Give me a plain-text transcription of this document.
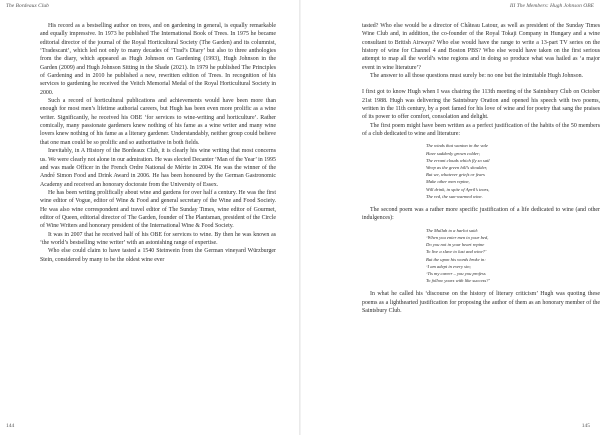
The Bordeaux Club

His record as a bestselling author on trees, and on gardening in general, is equally remarkable and equally impressive. In 1973 he published The International Book of Trees. In 1975 he became editorial director of the journal of the Royal Horticultural Society (The Garden) and its columnist, ‘Tradescant’, which led not only to many decades of ‘Trad’s Diary’ but also to three anthologies from the diary, which appeared as Hugh Johnson on Gardening (1993), Hugh Johnson in the Garden (2009) and Hugh Johnson Sitting in the Shade (2021). In 1979 he published The Principles of Gardening and in 2010 he published a new, rewritten edition of Trees. In recognition of his services to gardening he received the Veitch Memorial Medal of the Royal Horticultural Society in 2000.

Such a record of horticultural publications and achievements would have been more than enough for most men’s lifetime authorial careers, but Hugh has been even more prolific as a wine writer. Significantly, he received his OBE ‘for services to wine-writing and horticulture’. Rather comically, many passionate gardeners knew nothing of his fame as a wine writer and many wine lovers knew nothing of his fame as a literary gardener. Understandably, neither group could believe that one man could be so prolific and so authoritative in both fields.

Inevitably, in A History of the Bordeaux Club, it is clearly his wine writing that most concerns us. We were clearly not alone in our admiration. He was elected Decanter ‘Man of the Year’ in 1995 and was made Officer in the French Ordre National de Mérite in 2004. He was the winner of the André Simon Food and Drink Award in 2006. He has been honoured by the German Gastronomic Academy and received an honorary doctorate from the University of Essex.

He has been writing prolifically about wine and gardens for over half a century. He was the first wine editor of Vogue, editor of Wine & Food and general secretary of the Wine and Food Society. He was also wine correspondent and travel editor of The Sunday Times, wine editor of Gourmet, editor of Queen, editorial director of The Garden, founder of The Plantsman, president of the Circle of Wine Writers and honorary president of the International Wine & Food Society.

It was in 2007 that he received half of his OBE for services to wine. By then he was known as ‘the world’s bestselling wine writer’ with an astonishing range of expertise.

Who else could claim to have tasted a 1540 Steinwein from the German vineyard Würzburger Stein, considered by many to be the oldest wine ever

144
III The Members: Hugh Johnson OBE

tasted? Who else would be a director of Château Latour, as well as president of the Sunday Times Wine Club and, in addition, the co-founder of the Royal Tokaji Company in Hungary and a wine consultant to British Airways? Who else would have the range to write a 13-part TV series on the history of wine for Channel 4 and Boston PBS? Who else would have taken on the first serious attempt to map all the world’s wine regions and in doing so produce what was hailed as ‘a major event in wine literature’?

The answer to all those questions must surely be: no one but the inimitable Hugh Johnson.

I first got to know Hugh when I was chairing the 113th meeting of the Saintsbury Club on October 21st 1988. Hugh was delivering the Saintsbury Oration and opened his speech with two poems, written in the 11th century, by a poet famed for his love of wine and for poetry that sang the praises of its power to offer comfort, consolation and delight.

The first poem might have been written as a perfect justification of the habits of the 50 members of a club dedicated to wine and literature:

The winds that wanton in the vale
Have suddenly grown colder;
The errant clouds which fly so sail
Weep as the green hill’s shoulder,
But we, whatever griefs or fears
Make other men repine,
Will drink, in spite of April’s tears,
The red, the sun-warmed wine.

The second poem was a rather more specific justification of a life dedicated to wine (and other indulgences):

The Mullah to a harlot said:
‘When you enter men to your bed,
Do you not in your heart repine
To live a slave to lust and wine?’
But the upon his words broke in:
‘I am adept in every sin;
‘Tis my career – you you profess
To follow yours with like success?’

In what he called his ‘discourse on the history of literary criticism’ Hugh was quoting these poems as a lighthearted justification for proposing the author of them as an honorary member of the Saintsbury Club.

145
